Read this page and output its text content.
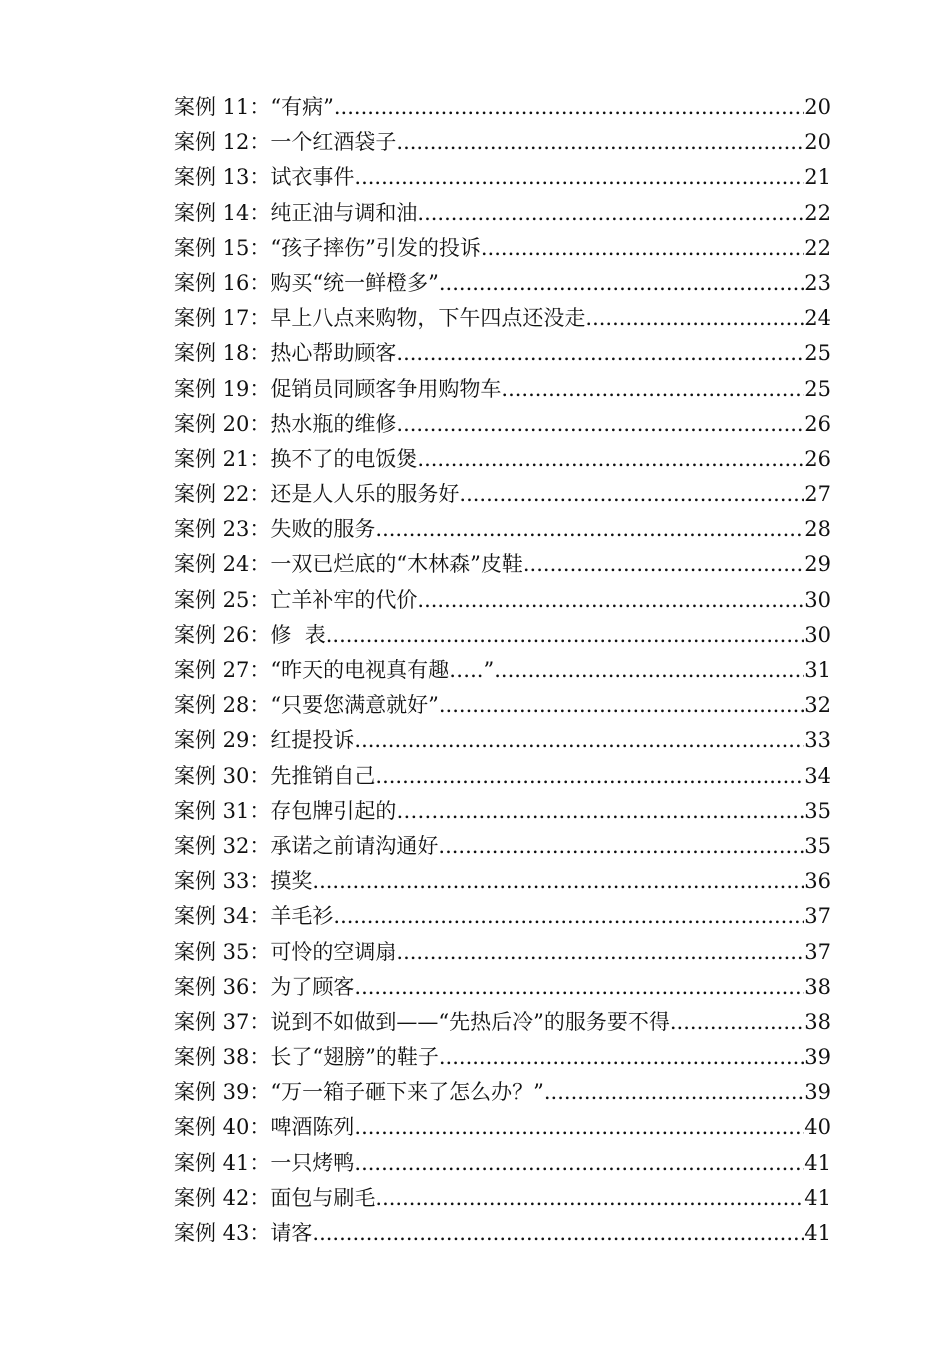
案例 11：“有病” .....	20
案例 12：一个红酒袋子 .....	20
案例 13：试衣事件 .....	21
案例 14：纯正油与调和油 .....	22
案例 15：“孩子摔伤”引发的投诉 .....	22
案例 16：购买“统一鲜橙多” .....	23
案例 17：早上八点来购物，下午四点还没走 .....	24
案例 18：热心帮助顾客 .....	25
案例 19：促销员同顾客争用购物车 .....	25
案例 20：热水瓶的维修 .....	26
案例 21：换不了的电饭煲 .....	26
案例 22：还是人人乐的服务好 .....	27
案例 23：失败的服务 .....	28
案例 24：一双已烂底的“木林森”皮鞋 .....	29
案例 25：亡羊补牢的代价 .....	30
案例 26：修  表 .....	30
案例 27：“昨天的电视真有趣…..” .....	31
案例 28：“只要您满意就好” .....	32
案例 29：红提投诉 .....	33
案例 30：先推销自己 .....	34
案例 31：存包牌引起的…… .....	35
案例 32：承诺之前请沟通好 .....	35
案例 33：摸奖 .....	36
案例 34：羊毛衫 .....	37
案例 35：可怜的空调扇 .....	37
案例 36：为了顾客 .....	38
案例 37：说到不如做到——“先热后冷”的服务要不得 .....	38
案例 38：长了“翅膀”的鞋子 .....	39
案例 39：“万一箱子砸下来了怎么办？” .....	39
案例 40：啤酒陈列 .....	40
案例 41：一只烤鸭 .....	41
案例 42：面包与刷毛 .....	41
案例 43：请客 .....	41
